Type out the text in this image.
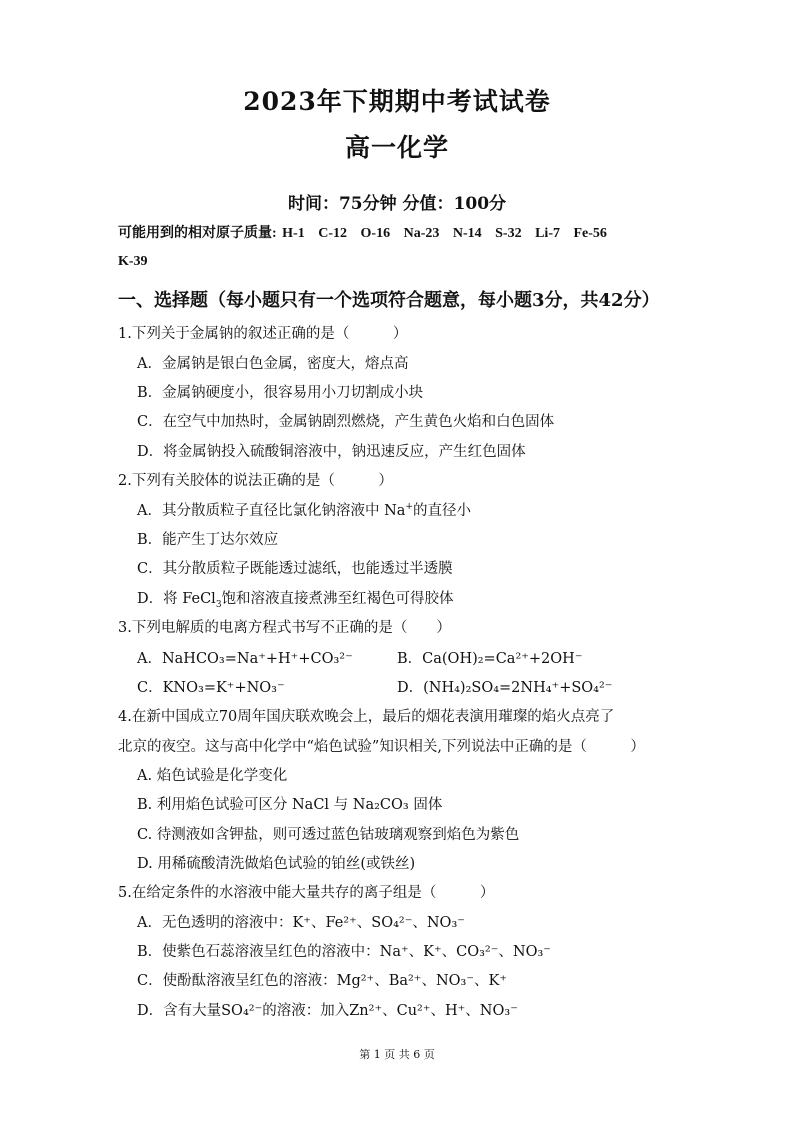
2023年下期期中考试试卷
高一化学
时间：75分钟 分值：100分
可能用到的相对原子质量: H-1 C-12 O-16 Na-23 N-14 S-32 Li-7 Fe-56
K-39
一、选择题（每小题只有一个选项符合题意，每小题3分，共42分）
1.下列关于金属钠的叙述正确的是（　　　）
A．金属钠是银白色金属，密度大，熔点高
B．金属钠硬度小，很容易用小刀切割成小块
C．在空气中加热时，金属钠剧烈燃烧，产生黄色火焰和白色固体
D．将金属钠投入硫酸铜溶液中，钠迅速反应，产生红色固体
2.下列有关胶体的说法正确的是（　　　）
A．其分散质粒子直径比氯化钠溶液中 Na+的直径小
B．能产生丁达尔效应
C．其分散质粒子既能透过滤纸，也能透过半透膜
D．将 FeCl$_3$饱和溶液直接煮沸至红褐色可得胶体
3.下列电解质的电离方程式书写不正确的是（　　）
A．NaHCO₃=Na⁺+H⁺+CO₃²⁻	B．Ca(OH)₂=Ca²⁺+2OH⁻
C．KNO₃=K⁺+NO₃⁻	D．(NH₄)₂SO₄=2NH₄⁺+SO₄²⁻
4.在新中国成立70周年国庆联欢晚会上，最后的烟花表演用璀璨的焰火点亮了
北京的夜空。这与高中化学中“焰色试验”知识相关,下列说法中正确的是（　　　）
A. 焰色试验是化学变化
B. 利用焰色试验可区分 NaCl 与 Na₂CO₃ 固体
C. 待测液如含钾盐，则可透过蓝色钴玻璃观察到焰色为紫色
D. 用稀硫酸清洗做焰色试验的铂丝(或铁丝)
5.在给定条件的水溶液中能大量共存的离子组是（　　　）
A．无色透明的溶液中：K⁺、Fe²⁺、SO₄²⁻、NO₃⁻
B．使紫色石蕊溶液呈红色的溶液中：Na⁺、K⁺、CO₃²⁻、NO₃⁻
C．使酚酞溶液呈红色的溶液：Mg²⁺、Ba²⁺、NO₃⁻、K⁺
D．含有大量SO₄²⁻的溶液：加入Zn²⁺、Cu²⁺、H⁺、NO₃⁻
第 1 页 共 6 页
